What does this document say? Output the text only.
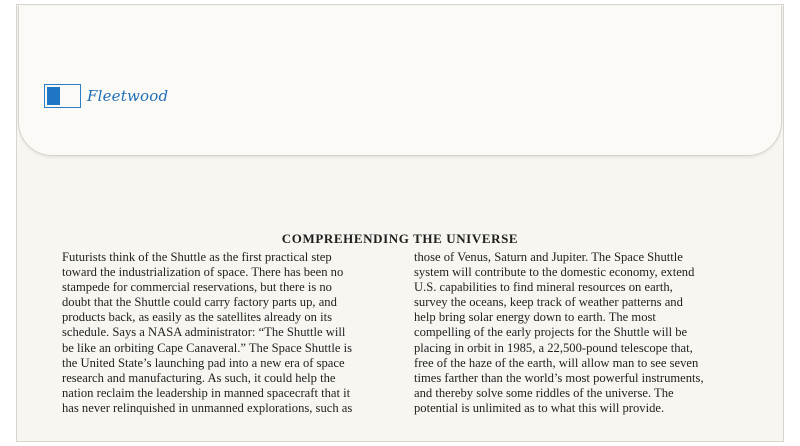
Fleetwood
COMPREHENDING THE UNIVERSE
Futurists think of the Shuttle as the first practical step
toward the industrialization of space. There has been no
stampede for commercial reservations, but there is no
doubt that the Shuttle could carry factory parts up, and
products back, as easily as the satellites already on its
schedule. Says a NASA administrator: “The Shuttle will
be like an orbiting Cape Canaveral.” The Space Shuttle is
the United State’s launching pad into a new era of space
research and manufacturing. As such, it could help the
nation reclaim the leadership in manned spacecraft that it
has never relinquished in unmanned explorations, such as
those of Venus, Saturn and Jupiter. The Space Shuttle
system will contribute to the domestic economy, extend
U.S. capabilities to find mineral resources on earth,
survey the oceans, keep track of weather patterns and
help bring solar energy down to earth. The most
compelling of the early projects for the Shuttle will be
placing in orbit in 1985, a 22,500-pound telescope that,
free of the haze of the earth, will allow man to see seven
times farther than the world’s most powerful instruments,
and thereby solve some riddles of the universe. The
potential is unlimited as to what this will provide.
